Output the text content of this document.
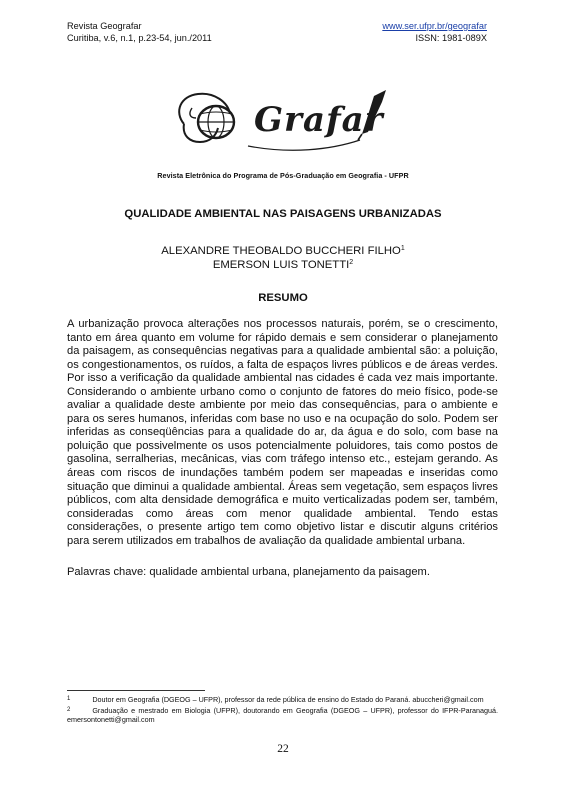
Revista Geografar
Curitiba, v.6, n.1, p.23-54, jun./2011
www.ser.ufpr.br/geografar
ISSN: 1981-089X
Grafar
Revista Eletrônica do Programa de Pós-Graduação em Geografia - UFPR
QUALIDADE AMBIENTAL NAS PAISAGENS URBANIZADAS
ALEXANDRE THEOBALDO BUCCHERI FILHO$^1$
EMERSON LUIS TONETTI$^2$
RESUMO

A urbanização provoca alterações nos processos naturais, porém, se o crescimento, tanto em área quanto em volume for rápido demais e sem considerar o planejamento da paisagem, as consequências negativas para a qualidade ambiental são: a poluição, os congestionamentos, os ruídos, a falta de espaços livres públicos e de áreas verdes. Por isso a verificação da qualidade ambiental nas cidades é cada vez mais importante. Considerando o ambiente urbano como o conjunto de fatores do meio físico, pode-se avaliar a qualidade deste ambiente por meio das consequências, para o ambiente e para os seres humanos, inferidas com base no uso e na ocupação do solo. Podem ser inferidas as conseqüências para a qualidade do ar, da água e do solo, com base na poluição que possivelmente os usos potencialmente poluidores, tais como postos de gasolina, serralherias, mecânicas, vias com tráfego intenso etc., estejam gerando. As áreas com riscos de inundações também podem ser mapeadas e inseridas como situação que diminui a qualidade ambiental. Áreas sem vegetação, sem espaços livres públicos, com alta densidade demográfica e muito verticalizadas podem ser, também, consideradas como áreas com menor qualidade ambiental. Tendo estas considerações, o presente artigo tem como objetivo listar e discutir alguns critérios para serem utilizados em trabalhos de avaliação da qualidade ambiental urbana.

Palavras chave: qualidade ambiental urbana, planejamento da paisagem.
$^1$	Doutor em Geografia (DGEOG – UFPR), professor da rede pública de ensino do Estado do Paraná. abuccheri@gmail.com
$^2$	Graduação e mestrado em Biologia (UFPR), doutorando em Geografia (DGEOG – UFPR), professor do IFPR-Paranaguá. emersontonetti@gmail.com
22
